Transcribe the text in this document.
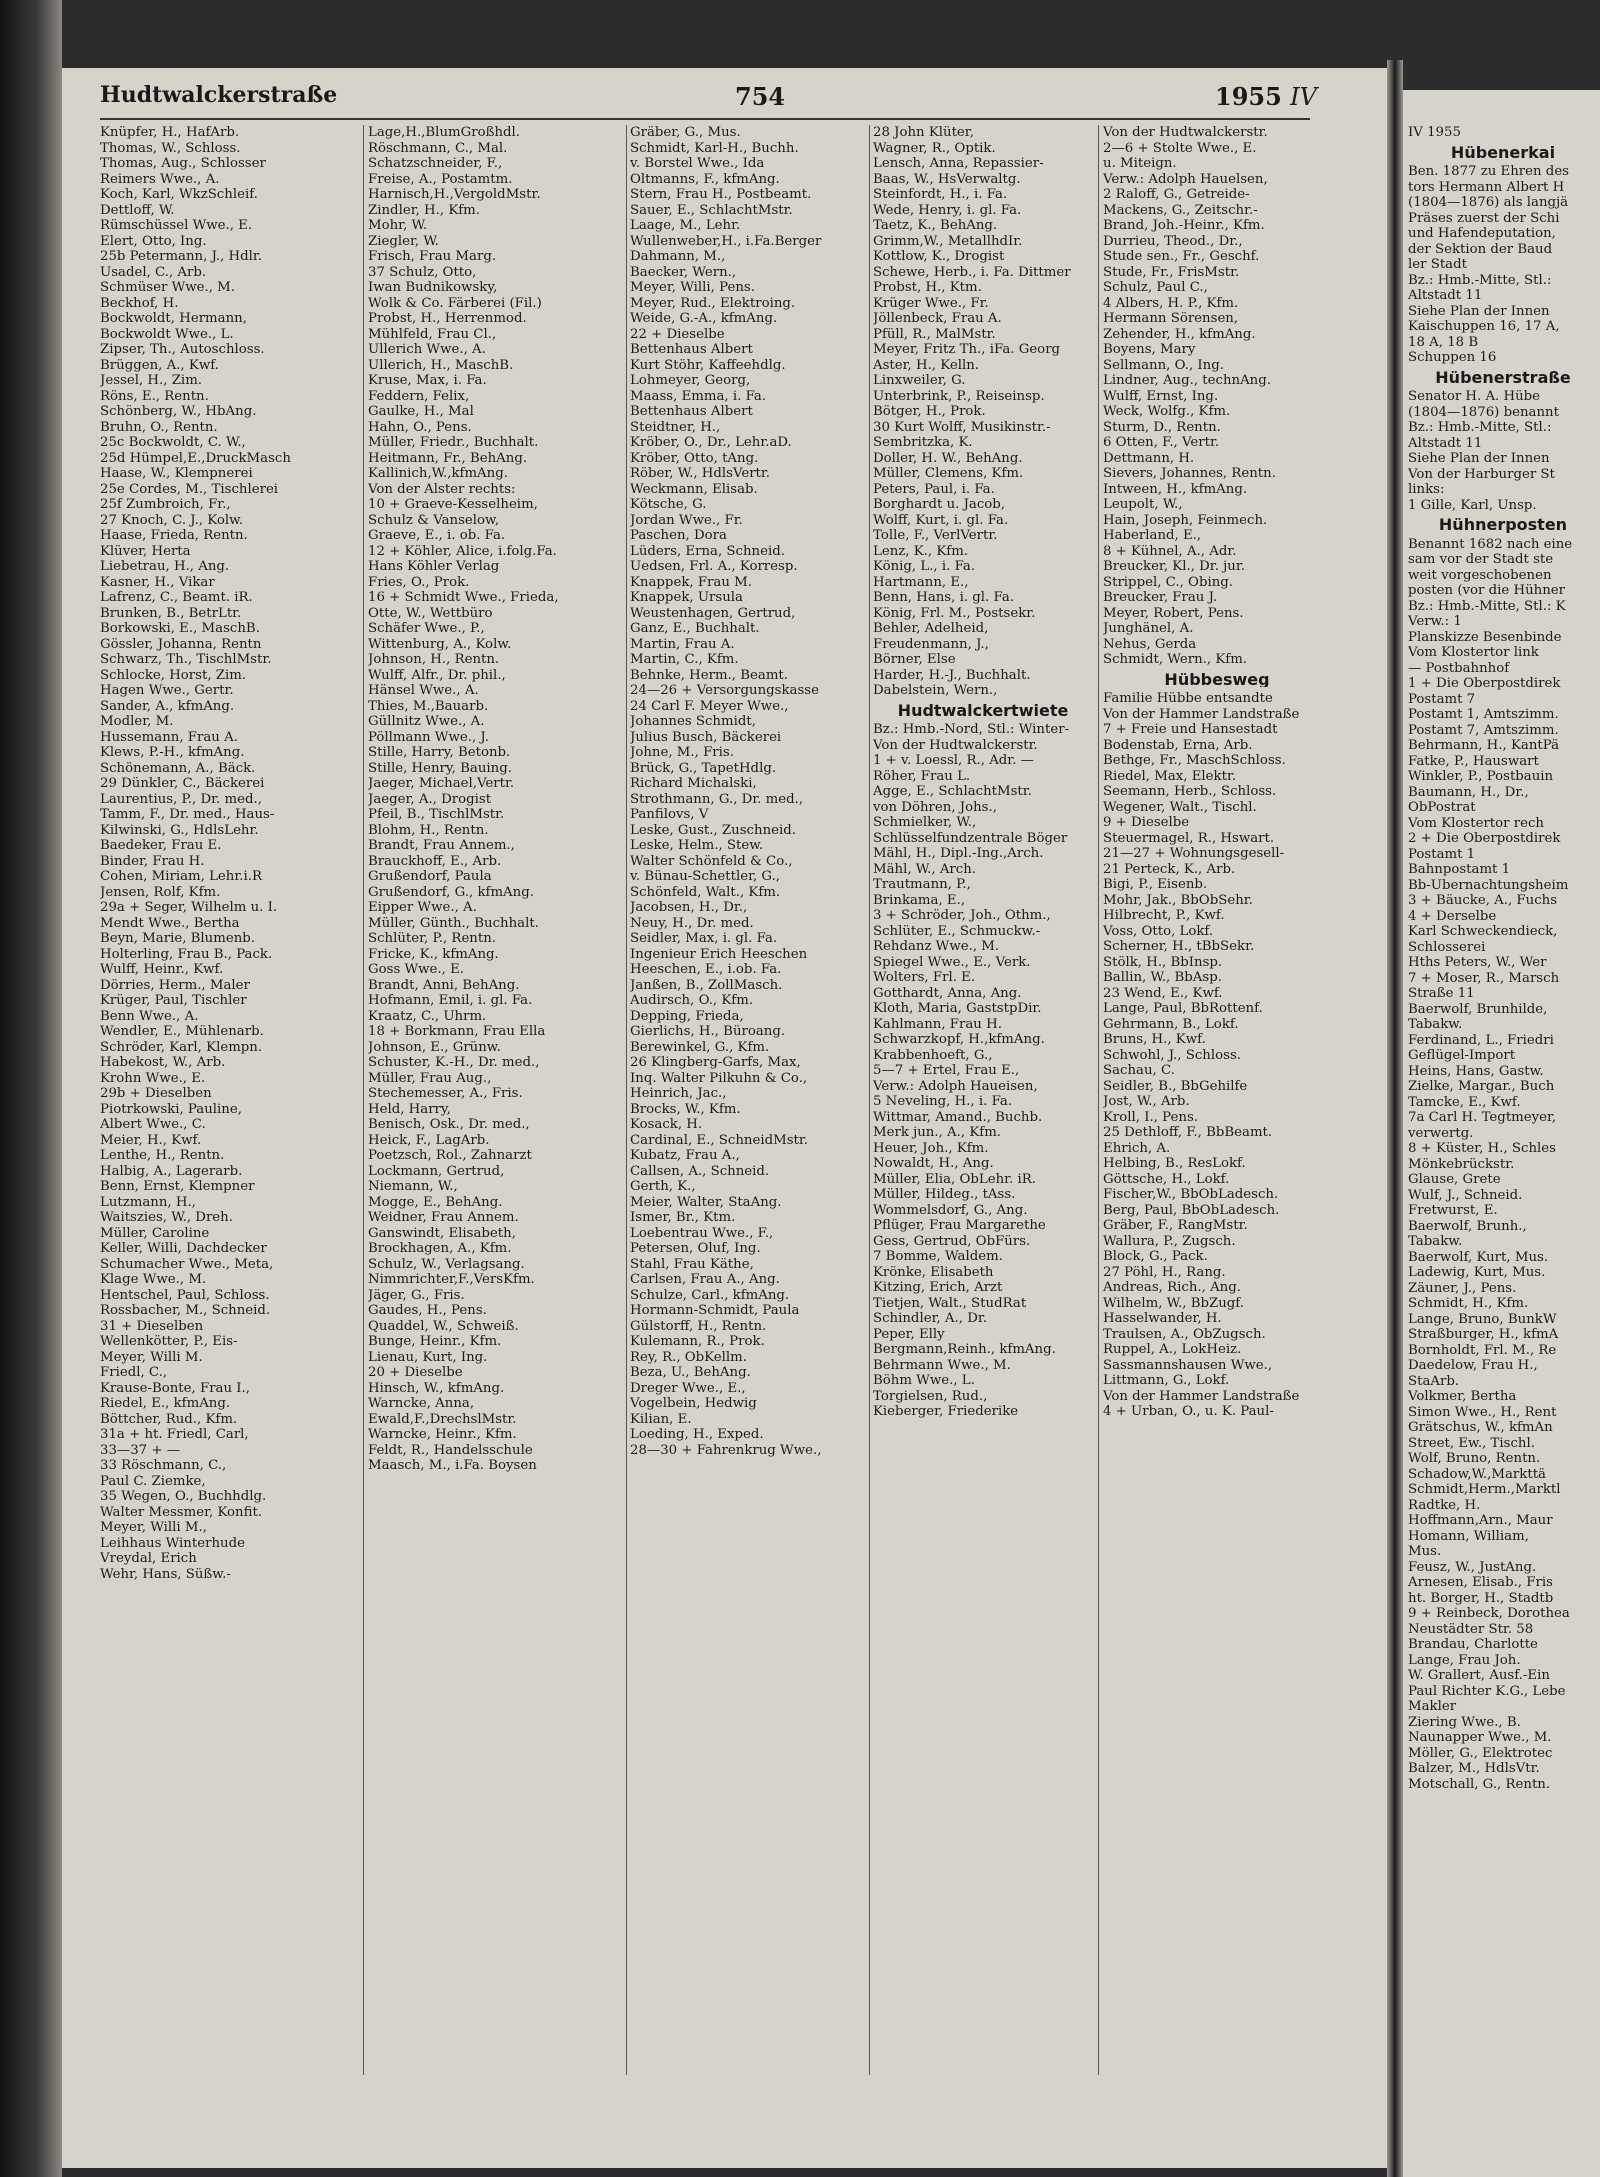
Hudtwalckerstraße	754	1955 IV
Knüpfer, H., HafArb.
Thomas, W., Schloss.
Thomas, Aug., Schlosser
Reimers Wwe., A.
Koch, Karl, WkzSchleif.
Dettloff, W.
Rümschüssel Wwe., E.
Elert, Otto, Ing.
25b Petermann, J., Hdlr.
Usadel, C., Arb.
Schmüser Wwe., M.
Beckhof, H.
Bockwoldt, Hermann,
Bockwoldt Wwe., L.
Zipser, Th., Autoschloss.
Brüggen, A., Kwf.
Jessel, H., Zim.
Röns, E., Rentn.
Schönberg, W., HbAng.
Bruhn, O., Rentn.
25c Bockwoldt, C. W.,
25d Hümpel,E.,DruckMasch
Haase, W., Klempnerei
25e Cordes, M., Tischlerei
25f Zumbroich, Fr.,
27 Knoch, C. J., Kolw.
Haase, Frieda, Rentn.
Klüver, Herta
Liebetrau, H., Ang.
Kasner, H., Vikar
Lafrenz, C., Beamt. iR.
Brunken, B., BetrLtr.
Borkowski, E., MaschB.
Gössler, Johanna, Rentn
Schwarz, Th., TischlMstr.
Schlocke, Horst, Zim.
Hagen Wwe., Gertr.
Sander, A., kfmAng.
Modler, M.
Hussemann, Frau A.
Klews, P.-H., kfmAng.
Schönemann, A., Bäck.
29 Dünkler, C., Bäckerei
Laurentius, P., Dr. med.,
Tamm, F., Dr. med., Haus-
Kilwinski, G., HdlsLehr.
Baedeker, Frau E.
Binder, Frau H.
Cohen, Miriam, Lehr.i.R
Jensen, Rolf, Kfm.
29a + Seger, Wilhelm u. I.
Mendt Wwe., Bertha
Beyn, Marie, Blumenb.
Holterling, Frau B., Pack.
Wulff, Heinr., Kwf.
Dörries, Herm., Maler
Krüger, Paul, Tischler
Benn Wwe., A.
Wendler, E., Mühlenarb.
Schröder, Karl, Klempn.
Habekost, W., Arb.
Krohn Wwe., E.
29b + Dieselben
Piotrkowski, Pauline,
Albert Wwe., C.
Meier, H., Kwf.
Lenthe, H., Rentn.
Halbig, A., Lagerarb.
Benn, Ernst, Klempner
Lutzmann, H.,
Waitszies, W., Dreh.
Müller, Caroline
Keller, Willi, Dachdecker
Schumacher Wwe., Meta,
Klage Wwe., M.
Hentschel, Paul, Schloss.
Rossbacher, M., Schneid.
31 + Dieselben
Wellenkötter, P., Eis-
Meyer, Willi M.
Friedl, C.,
Krause-Bonte, Frau I.,
Riedel, E., kfmAng.
Böttcher, Rud., Kfm.
31a + ht. Friedl, Carl,
33—37 + —
33 Röschmann, C.,
Paul C. Ziemke,
35 Wegen, O., Buchhdlg.
Walter Messmer, Konfit.
Meyer, Willi M.,
Leihhaus Winterhude
Vreydal, Erich
Wehr, Hans, Süßw.-
Lage,H.,BlumGroßhdl.
Röschmann, C., Mal.
Schatzschneider, F.,
Freise, A., Postamtm.
Harnisch,H.,VergoldMstr.
Zindler, H., Kfm.
Mohr, W.
Ziegler, W.
Frisch, Frau Marg.
37 Schulz, Otto,
Iwan Budnikowsky,
Wolk & Co. Färberei (Fil.)
Probst, H., Herrenmod.
Mühlfeld, Frau Cl.,
Ullerich Wwe., A.
Ullerich, H., MaschB.
Kruse, Max, i. Fa.
Feddern, Felix,
Gaulke, H., Mal
Hahn, O., Pens.
Müller, Friedr., Buchhalt.
Heitmann, Fr., BehAng.
Kallinich,W.,kfmAng.
Von der Alster rechts:
10 + Graeve-Kesselheim,
Schulz & Vanselow,
Graeve, E., i. ob. Fa.
12 + Köhler, Alice, i.folg.Fa.
Hans Köhler Verlag
Fries, O., Prok.
16 + Schmidt Wwe., Frieda,
Otte, W., Wettbüro
Schäfer Wwe., P.,
Wittenburg, A., Kolw.
Johnson, H., Rentn.
Wulff, Alfr., Dr. phil.,
Hänsel Wwe., A.
Thies, M.,Bauarb.
Güllnitz Wwe., A.
Pöllmann Wwe., J.
Stille, Harry, Betonb.
Stille, Henry, Bauing.
Jaeger, Michael,Vertr.
Jaeger, A., Drogist
Pfeil, B., TischlMstr.
Blohm, H., Rentn.
Brandt, Frau Annem.,
Brauckhoff, E., Arb.
Grußendorf, Paula
Grußendorf, G., kfmAng.
Eipper Wwe., A.
Müller, Günth., Buchhalt.
Schlüter, P., Rentn.
Fricke, K., kfmAng.
Goss Wwe., E.
Brandt, Anni, BehAng.
Hofmann, Emil, i. gl. Fa.
Kraatz, C., Uhrm.
18 + Borkmann, Frau Ella
Johnson, E., Grünw.
Schuster, K.-H., Dr. med.,
Müller, Frau Aug.,
Stechemesser, A., Fris.
Held, Harry,
Benisch, Osk., Dr. med.,
Heick, F., LagArb.
Poetzsch, Rol., Zahnarzt
Lockmann, Gertrud,
Niemann, W.,
Mogge, E., BehAng.
Weidner, Frau Annem.
Ganswindt, Elisabeth,
Brockhagen, A., Kfm.
Schulz, W., Verlagsang.
Nimmrichter,F.,VersKfm.
Jäger, G., Fris.
Gaudes, H., Pens.
Quaddel, W., Schweiß.
Bunge, Heinr., Kfm.
Lienau, Kurt, Ing.
20 + Dieselbe
Hinsch, W., kfmAng.
Warncke, Anna,
Ewald,F.,DrechslMstr.
Warncke, Heinr., Kfm.
Feldt, R., Handelsschule
Maasch, M., i.Fa. Boysen
Gräber, G., Mus.
Schmidt, Karl-H., Buchh.
v. Borstel Wwe., Ida
Oltmanns, F., kfmAng.
Stern, Frau H., Postbeamt.
Sauer, E., SchlachtMstr.
Laage, M., Lehr.
Wullenweber,H., i.Fa.Berger
Dahmann, M.,
Baecker, Wern.,
Meyer, Willi, Pens.
Meyer, Rud., Elektroing.
Weide, G.-A., kfmAng.
22 + Dieselbe
Bettenhaus Albert
Kurt Stöhr, Kaffeehdlg.
Lohmeyer, Georg,
Maass, Emma, i. Fa.
Bettenhaus Albert
Steidtner, H.,
Kröber, O., Dr., Lehr.aD.
Kröber, Otto, tAng.
Röber, W., HdlsVertr.
Weckmann, Elisab.
Kötsche, G.
Jordan Wwe., Fr.
Paschen, Dora
Lüders, Erna, Schneid.
Uedsen, Frl. A., Korresp.
Knappek, Frau M.
Knappek, Ursula
Weustenhagen, Gertrud,
Ganz, E., Buchhalt.
Martin, Frau A.
Martin, C., Kfm.
Behnke, Herm., Beamt.
24—26 + Versorgungskasse
24 Carl F. Meyer Wwe.,
Johannes Schmidt,
Julius Busch, Bäckerei
Johne, M., Fris.
Brück, G., TapetHdlg.
Richard Michalski,
Strothmann, G., Dr. med.,
Panfilovs, V
Leske, Gust., Zuschneid.
Leske, Helm., Stew.
Walter Schönfeld & Co.,
v. Bünau-Schettler, G.,
Schönfeld, Walt., Kfm.
Jacobsen, H., Dr.,
Neuy, H., Dr. med.
Seidler, Max, i. gl. Fa.
Ingenieur Erich Heeschen
Heeschen, E., i.ob. Fa.
Janßen, B., ZollMasch.
Audirsch, O., Kfm.
Depping, Frieda,
Gierlichs, H., Büroang.
Berewinkel, G., Kfm.
26 Klingberg-Garfs, Max,
Inq. Walter Pilkuhn & Co.,
Heinrich, Jac.,
Brocks, W., Kfm.
Kosack, H.
Cardinal, E., SchneidMstr.
Kubatz, Frau A.,
Callsen, A., Schneid.
Gerth, K.,
Meier, Walter, StaAng.
Ismer, Br., Ktm.
Loebentrau Wwe., F.,
Petersen, Oluf, Ing.
Stahl, Frau Käthe,
Carlsen, Frau A., Ang.
Schulze, Carl., kfmAng.
Hormann-Schmidt, Paula
Gülstorff, H., Rentn.
Kulemann, R., Prok.
Rey, R., ObKellm.
Beza, U., BehAng.
Dreger Wwe., E.,
Vogelbein, Hedwig
Kilian, E.
Loeding, H., Exped.
28—30 + Fahrenkrug Wwe.,
28 John Klüter,
Wagner, R., Optik.
Lensch, Anna, Repassier-
Baas, W., HsVerwaltg.
Steinfordt, H., i. Fa.
Wede, Henry, i. gl. Fa.
Taetz, K., BehAng.
Grimm,W., MetallhdIr.
Kottlow, K., Drogist
Schewe, Herb., i. Fa. Dittmer
Probst, H., Ktm.
Krüger Wwe., Fr.
Jöllenbeck, Frau A.
Pfüll, R., MalMstr.
Meyer, Fritz Th., iFa. Georg
Aster, H., Kelln.
Linxweiler, G.
Unterbrink, P., Reiseinsp.
Bötger, H., Prok.
30 Kurt Wolff, Musikinstr.-
Sembritzka, K.
Doller, H. W., BehAng.
Müller, Clemens, Kfm.
Peters, Paul, i. Fa.
Borghardt u. Jacob,
Wolff, Kurt, i. gl. Fa.
Tolle, F., VerlVertr.
Lenz, K., Kfm.
König, L., i. Fa.
Hartmann, E.,
Benn, Hans, i. gl. Fa.
König, Frl. M., Postsekr.
Behler, Adelheid,
Freudenmann, J.,
Börner, Else
Harder, H.-J., Buchhalt.
Dabelstein, Wern.,
Hudtwalckertwiete
Bz.: Hmb.-Nord, Stl.: Winter-
Von der Hudtwalckerstr.
1 + v. Loessl, R., Adr. —
Röher, Frau L.
Agge, E., SchlachtMstr.
von Döhren, Johs.,
Schmielker, W.,
Schlüsselfundzentrale Böger
Mähl, H., Dipl.-Ing.,Arch.
Mähl, W., Arch.
Trautmann, P.,
Brinkama, E.,
3 + Schröder, Joh., Othm.,
Schlüter, E., Schmuckw.-
Rehdanz Wwe., M.
Spiegel Wwe., E., Verk.
Wolters, Frl. E.
Gotthardt, Anna, Ang.
Kloth, Maria, GaststpDir.
Kahlmann, Frau H.
Schwarzkopf, H.,kfmAng.
Krabbenhoeft, G.,
5—7 + Ertel, Frau E.,
Verw.: Adolph Haueisen,
5 Neveling, H., i. Fa.
Wittmar, Amand., Buchb.
Merk jun., A., Kfm.
Heuer, Joh., Kfm.
Nowaldt, H., Ang.
Müller, Elia, ObLehr. iR.
Müller, Hildeg., tAss.
Wommelsdorf, G., Ang.
Pflüger, Frau Margarethe
Gess, Gertrud, ObFürs.
7 Bomme, Waldem.
Krönke, Elisabeth
Kitzing, Erich, Arzt
Tietjen, Walt., StudRat
Schindler, A., Dr.
Peper, Elly
Bergmann,Reinh., kfmAng.
Behrmann Wwe., M.
Böhm Wwe., L.
Torgielsen, Rud.,
Kieberger, Friederike
Von der Hudtwalckerstr.
2—6 + Stolte Wwe., E.
u. Miteign.
Verw.: Adolph Hauelsen,
2 Raloff, G., Getreide-
Mackens, G., Zeitschr.-
Brand, Joh.-Heinr., Kfm.
Durrieu, Theod., Dr.,
Stude sen., Fr., Geschf.
Stude, Fr., FrisMstr.
Schulz, Paul C.,
4 Albers, H. P., Kfm.
Hermann Sörensen,
Zehender, H., kfmAng.
Boyens, Mary
Sellmann, O., Ing.
Lindner, Aug., technAng.
Wulff, Ernst, Ing.
Weck, Wolfg., Kfm.
Sturm, D., Rentn.
6 Otten, F., Vertr.
Dettmann, H.
Sievers, Johannes, Rentn.
Intween, H., kfmAng.
Leupolt, W.,
Hain, Joseph, Feinmech.
Haberland, E.,
8 + Kühnel, A., Adr.
Breucker, Kl., Dr. jur.
Strippel, C., Obing.
Breucker, Frau J.
Meyer, Robert, Pens.
Junghänel, A.
Nehus, Gerda
Schmidt, Wern., Kfm.
Hübbesweg
Familie Hübbe entsandte
Von der Hammer Landstraße
7 + Freie und Hansestadt
Bodenstab, Erna, Arb.
Bethge, Fr., MaschSchloss.
Riedel, Max, Elektr.
Seemann, Herb., Schloss.
Wegener, Walt., Tischl.
9 + Dieselbe
Steuermagel, R., Hswart.
21—27 + Wohnungsgesell-
21 Perteck, K., Arb.
Bigi, P., Eisenb.
Mohr, Jak., BbObSehr.
Hilbrecht, P., Kwf.
Voss, Otto, Lokf.
Scherner, H., tBbSekr.
Stölk, H., BbInsp.
Ballin, W., BbAsp.
23 Wend, E., Kwf.
Lange, Paul, BbRottenf.
Gehrmann, B., Lokf.
Bruns, H., Kwf.
Schwohl, J., Schloss.
Sachau, C.
Seidler, B., BbGehilfe
Jost, W., Arb.
Kroll, I., Pens.
25 Dethloff, F., BbBeamt.
Ehrich, A.
Helbing, B., ResLokf.
Göttsche, H., Lokf.
Fischer,W., BbObLadesch.
Berg, Paul, BbObLadesch.
Gräber, F., RangMstr.
Wallura, P., Zugsch.
Block, G., Pack.
27 Pöhl, H., Rang.
Andreas, Rich., Ang.
Wilhelm, W., BbZugf.
Hasselwander, H.
Traulsen, A., ObZugsch.
Ruppel, A., LokHeiz.
Sassmannshausen Wwe.,
Littmann, G., Lokf.
Von der Hammer Landstraße
4 + Urban, O., u. K. Paul-
IV 1955
Hübenerkai
Ben. 1877 zu Ehren des
tors Hermann Albert H
(1804—1876) als langjä
Präses zuerst der Schi
und Hafendeputation,
der Sektion der Baud
ler Stadt
Bz.: Hmb.-Mitte, Stl.:
Altstadt 11
Siehe Plan der Innen
Kaischuppen 16, 17 A,
18 A, 18 B
Schuppen 16
Hübenerstraße
Senator H. A. Hübe
(1804—1876) benannt
Bz.: Hmb.-Mitte, Stl.:
Altstadt 11
Siehe Plan der Innen
Von der Harburger St
links:
1 Gille, Karl, Unsp.
Hühnerposten
Benannt 1682 nach eine
sam vor der Stadt ste
weit vorgeschobenen
posten (vor die Hühner
Bz.: Hmb.-Mitte, Stl.: K
Verw.: 1
Planskizze Besenbinde
Vom Klostertor link
— Postbahnhof
1 + Die Oberpostdirek
Postamt 7
Postamt 1, Amtszimm.
Postamt 7, Amtszimm.
Behrmann, H., KantPä
Fatke, P., Hauswart
Winkler, P., Postbauin
Baumann, H., Dr.,
ObPostrat
Vom Klostertor rech
2 + Die Oberpostdirek
Postamt 1
Bahnpostamt 1
Bb-Übernachtungsheim
3 + Bäucke, A., Fuchs
4 + Derselbe
Karl Schweckendieck,
Schlosserei
Hths Peters, W., Wer
7 + Moser, R., Marsch
Straße 11
Baerwolf, Brunhilde,
Tabakw.
Ferdinand, L., Friedri
Geflügel-Import
Heins, Hans, Gastw.
Zielke, Margar., Buch
Tamcke, E., Kwf.
7a Carl H. Tegtmeyer,
verwertg.
8 + Küster, H., Schles
Mönkebrückstr.
Glause, Grete
Wulf, J., Schneid.
Fretwurst, E.
Baerwolf, Brunh.,
Tabakw.
Baerwolf, Kurt, Mus.
Ladewig, Kurt, Mus.
Zäuner, J., Pens.
Schmidt, H., Kfm.
Lange, Bruno, BunkW
Straßburger, H., kfmA
Bornholdt, Frl. M., Re
Daedelow, Frau H.,
StaArb.
Volkmer, Bertha
Simon Wwe., H., Rent
Grätschus, W., kfmAn
Street, Ew., Tischl.
Wolf, Bruno, Rentn.
Schadow,W.,Markttä
Schmidt,Herm.,Marktl
Radtke, H.
Hoffmann,Arn., Maur
Homann, William,
Mus.
Feusz, W., JustAng.
Arnesen, Elisab., Fris
ht. Borger, H., Stadtb
9 + Reinbeck, Dorothea
Neustädter Str. 58
Brandau, Charlotte
Lange, Frau Joh.
W. Grallert, Ausf.-Ein
Paul Richter K.G., Lebe
Makler
Ziering Wwe., B.
Naunapper Wwe., M.
Möller, G., Elektrotec
Balzer, M., HdlsVtr.
Motschall, G., Rentn.
